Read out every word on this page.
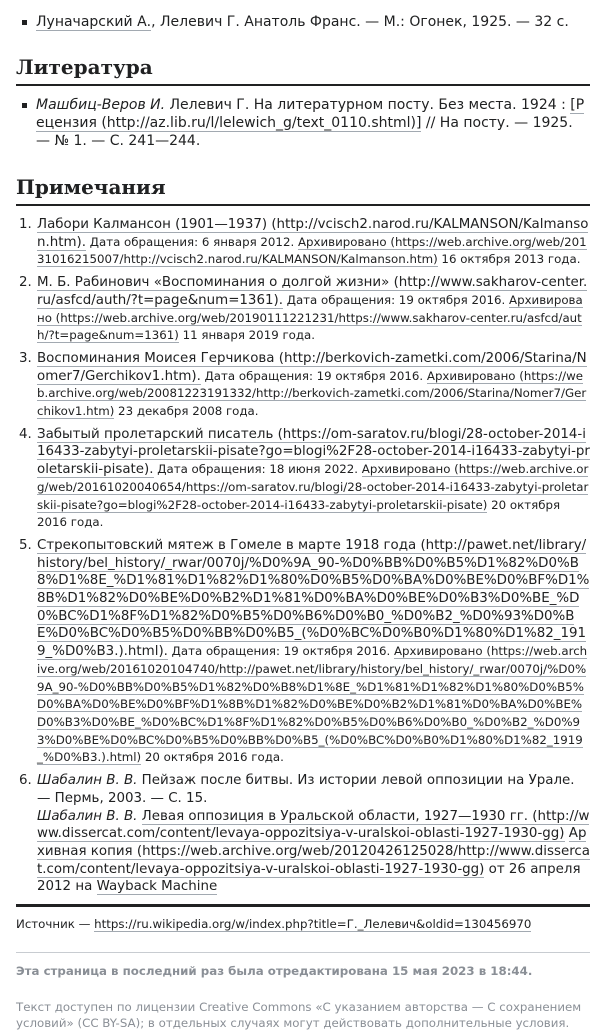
Луначарский А., Лелевич Г. Анатоль Франс. — М.: Огонек, 1925. — 32 с.
Литература
Машбиц-Веров И. Лелевич Г. На литературном посту. Без места. 1924 : [Рецензия (http://az.lib.ru/l/lelewich_g/text_0110.shtml)] // На посту. — 1925. — № 1. — С. 241—244.
Примечания
1. Лабори Калмансон (1901—1937) (http://vcisch2.narod.ru/KALMANSON/Kalmanson.htm). Дата обращения: 6 января 2012. Архивировано (https://web.archive.org/web/20131016215007/http://vcisch2.narod.ru/KALMANSON/Kalmanson.htm) 16 октября 2013 года.
2. М. Б. Рабинович «Воспоминания о долгой жизни» (http://www.sakharov-center.ru/asfcd/auth/?t=page&num=1361). Дата обращения: 19 октября 2016. Архивировано (https://web.archive.org/web/20190111221231/https://www.sakharov-center.ru/asfcd/auth/?t=page&num=1361) 11 января 2019 года.
3. Воспоминания Моисея Герчикова (http://berkovich-zametki.com/2006/Starina/Nomer7/Gerchikov1.htm). Дата обращения: 19 октября 2016. Архивировано (https://web.archive.org/web/20081223191332/http://berkovich-zametki.com/2006/Starina/Nomer7/Gerchikov1.htm) 23 декабря 2008 года.
4. Забытый пролетарский писатель (https://om-saratov.ru/blogi/28-october-2014-i16433-zabytyi-proletarskii-pisate?go=blogi%2F28-october-2014-i16433-zabytyi-proletarskii-pisate). Дата обращения: 18 июня 2022. Архивировано (https://web.archive.org/web/20161020040654/https://om-saratov.ru/blogi/28-october-2014-i16433-zabytyi-proletarskii-pisate?go=blogi%2F28-october-2014-i16433-zabytyi-proletarskii-pisate) 20 октября 2016 года.
5. Стрекопытовский мятеж в Гомеле в марте 1918 года (http://pawet.net/library/history/bel_history/_rwar/0070j/%D0%9A_90-%D0%BB%D0%B5%D1%82%D0%B8%D1%8E_%D1%81%D1%82%D1%80%D0%B5%D0%BA%D0%BE%D0%BF%D1%8B%D1%82%D0%BE%D0%B2%D1%81%D0%BA%D0%BE%D0%B3%D0%BE_%D0%BC%D1%8F%D1%82%D0%B5%D0%B6%D0%B0_%D0%B2_%D0%93%D0%BE%D0%BC%D0%B5%D0%BB%D0%B5_(%D0%BC%D0%B0%D1%80%D1%82_1919_%D0%B3.).html). Дата обращения: 19 октября 2016. Архивировано (https://web.archive.org/web/20161020104740/http://pawet.net/library/history/bel_history/_rwar/0070j/%D0%9A_90-%D0%BB%D0%B5%D1%82%D0%B8%D1%8E_%D1%81%D1%82%D1%80%D0%B5%D0%BA%D0%BE%D0%BF%D1%8B%D1%82%D0%BE%D0%B2%D1%81%D0%BA%D0%BE%D0%B3%D0%BE_%D0%BC%D1%8F%D1%82%D0%B5%D0%B6%D0%B0_%D0%B2_%D0%93%D0%BE%D0%BC%D0%B5%D0%BB%D0%B5_(%D0%BC%D0%B0%D1%80%D1%82_1919_%D0%B3.).html) 20 октября 2016 года.
6. Шабалин В. В. Пейзаж после битвы. Из истории левой оппозиции на Урале. — Пермь, 2003. — С. 15.
Шабалин В. В. Левая оппозиция в Уральской области, 1927—1930 гг. (http://www.dissercat.com/content/levaya-oppozitsiya-v-uralskoi-oblasti-1927-1930-gg) Архивная копия (https://web.archive.org/web/20120426125028/http://www.dissercat.com/content/levaya-oppozitsiya-v-uralskoi-oblasti-1927-1930-gg) от 26 апреля 2012 на Wayback Machine
Источник — https://ru.wikipedia.org/w/index.php?title=Г._Лелевич&oldid=130456970
Эта страница в последний раз была отредактирована 15 мая 2023 в 18:44.
Текст доступен по лицензии Creative Commons «С указанием авторства — С сохранением условий» (CC BY-SA); в отдельных случаях могут действовать дополнительные условия.
